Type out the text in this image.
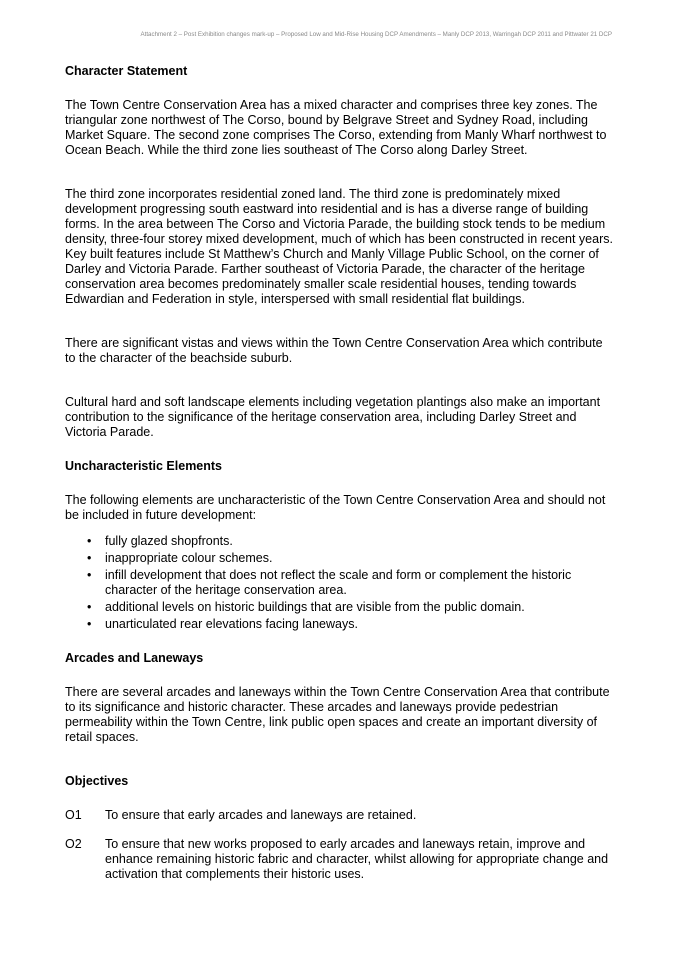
Attachment 2 – Post Exhibition changes mark-up – Proposed Low and Mid-Rise Housing DCP Amendments – Manly DCP 2013, Warringah DCP 2011 and Pittwater 21 DCP
Character Statement

The Town Centre Conservation Area has a mixed character and comprises three key zones. The triangular zone northwest of The Corso, bound by Belgrave Street and Sydney Road, including Market Square. The second zone comprises The Corso, extending from Manly Wharf northwest to Ocean Beach. While the third zone lies southeast of The Corso along Darley Street.

The third zone incorporates residential zoned land. The third zone is predominately mixed development progressing south eastward into residential and is has a diverse range of building forms. In the area between The Corso and Victoria Parade, the building stock tends to be medium density, three-four storey mixed development, much of which has been constructed in recent years. Key built features include St Matthew’s Church and Manly Village Public School, on the corner of Darley and Victoria Parade. Farther southeast of Victoria Parade, the character of the heritage conservation area becomes predominately smaller scale residential houses, tending towards Edwardian and Federation in style, interspersed with small residential flat buildings.

There are significant vistas and views within the Town Centre Conservation Area which contribute to the character of the beachside suburb.

Cultural hard and soft landscape elements including vegetation plantings also make an important contribution to the significance of the heritage conservation area, including Darley Street and Victoria Parade.

Uncharacteristic Elements

The following elements are uncharacteristic of the Town Centre Conservation Area and should not be included in future development:

• fully glazed shopfronts.
• inappropriate colour schemes.
• infill development that does not reflect the scale and form or complement the historic character of the heritage conservation area.
• additional levels on historic buildings that are visible from the public domain.
• unarticulated rear elevations facing laneways.
Arcades and Laneways

There are several arcades and laneways within the Town Centre Conservation Area that contribute to its significance and historic character. These arcades and laneways provide pedestrian permeability within the Town Centre, link public open spaces and create an important diversity of retail spaces.

Objectives
O1	To ensure that early arcades and laneways are retained.
O2	To ensure that new works proposed to early arcades and laneways retain, improve and enhance remaining historic fabric and character, whilst allowing for appropriate change and activation that complements their historic uses.
